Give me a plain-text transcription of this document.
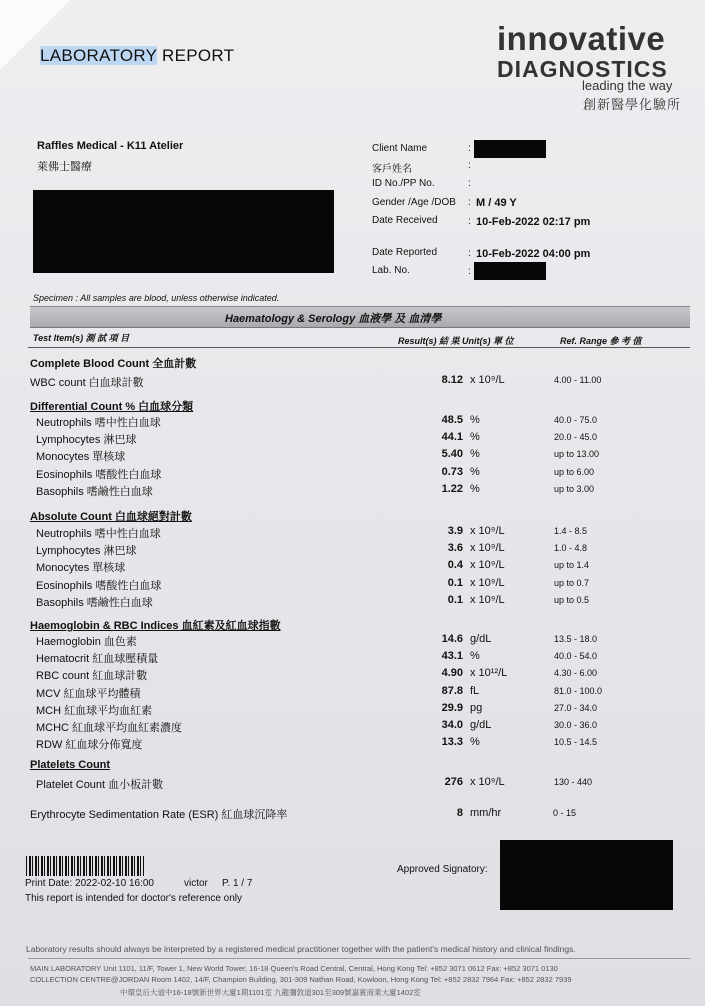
LABORATORY REPORT	innovative
DIAGNOSTICS
leading the way
創新醫學化驗所
Raffles Medical - K11 Atelier
萊佛士醫療
Client Name	:
客戶姓名	:
ID No./PP No.	:
Gender /Age /DOB : M / 49 Y
Date Received	: 10-Feb-2022 02:17 pm
Date Reported	: 10-Feb-2022 04:00 pm
Lab. No.	:
Specimen : All samples are blood, unless otherwise indicated.
Haematology & Serology 血液學 及 血清學
Test Item(s) 測 試 項 目	Result(s) 結 果 Unit(s) 單 位	Ref. Range 參 考 值
Complete Blood Count 全血計數
WBC count 白血球計數	8.12 x 10⁹/L	4.00 - 11.00
Differential Count % 白血球分類
Neutrophils 嗜中性白血球	48.5 %	40.0 - 75.0
Lymphocytes 淋巴球	44.1 %	20.0 - 45.0
Monocytes 單核球	5.40 %	up to 13.00
Eosinophils 嗜酸性白血球	0.73 %	up to 6.00
Basophils 嗜鹼性白血球	1.22 %	up to 3.00
Absolute Count 白血球絕對計數
Neutrophils 嗜中性白血球	3.9 x 10⁹/L	1.4 - 8.5
Lymphocytes 淋巴球	3.6 x 10⁹/L	1.0 - 4.8
Monocytes 單核球	0.4 x 10⁹/L	up to 1.4
Eosinophils 嗜酸性白血球	0.1 x 10⁹/L	up to 0.7
Basophils 嗜鹼性白血球	0.1 x 10⁹/L	up to 0.5
Haemoglobin & RBC Indices 血紅素及紅血球指數
Haemoglobin 血色素	14.6 g/dL	13.5 - 18.0
Hematocrit 紅血球壓積量	43.1 %	40.0 - 54.0
RBC count 紅血球計數	4.90 x 10¹²/L	4.30 - 6.00
MCV 紅血球平均體積	87.8 fL	81.0 - 100.0
MCH 紅血球平均血紅素	29.9 pg	27.0 - 34.0
MCHC 紅血球平均血紅素濃度	34.0 g/dL	30.0 - 36.0
RDW 紅血球分佈寬度	13.3 %	10.5 - 14.5
Platelets Count
Platelet Count 血小板計數	276 x 10⁹/L	130 - 440
Erythrocyte Sedimentation Rate (ESR) 紅血球沉降率	8 mm/hr	0 - 15
Print Date: 2022-02-10 16:00	victor P. 1 / 7
This report is intended for doctor's reference only
Approved Signatory:
Laboratory results should always be interpreted by a registered medical practitioner together with the patient's medical history and clinical findings.
MAIN LABORATORY Unit 1101, 11/F, Tower 1, New World Tower, 16-18 Queen's Road Central, Central, Hong Kong Tel: +852 3071 0612 Fax: +852 3071 0130
COLLECTION CENTRE@JORDAN Room 1402, 14/F, Champion Building, 301-309 Nathan Road, Kowloon, Hong Kong Tel: +852 2832 7964 Fax: +852 2832 7939
中環皇后大道中16-18號新世界大廈1期1101室 九龍彌敦道301至309號嘉賓商業大廈1402室
